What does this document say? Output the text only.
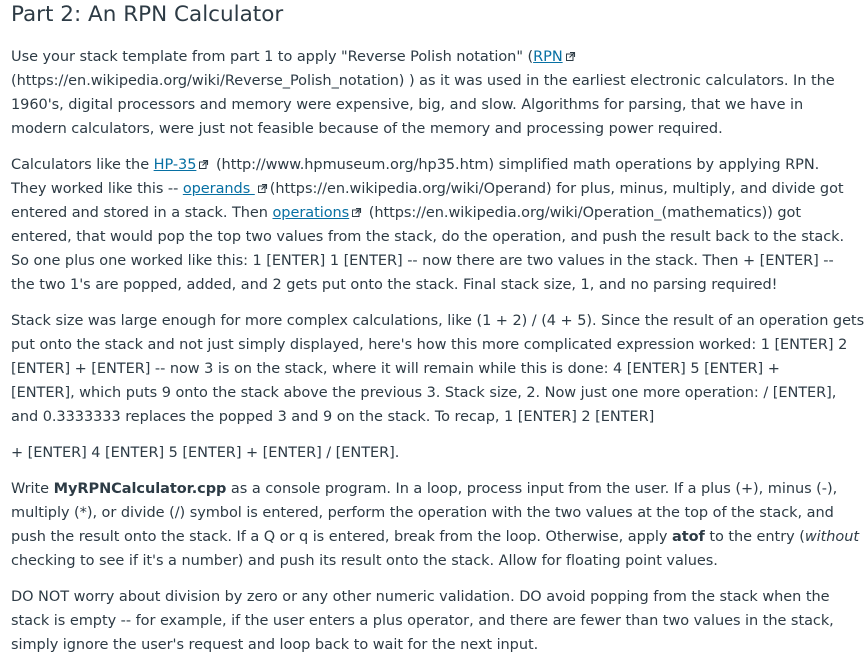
Part 2: An RPN Calculator

Use your stack template from part 1 to apply "Reverse Polish notation" (RPN
(https://en.wikipedia.org/wiki/Reverse_Polish_notation) ) as it was used in the earliest electronic calculators. In the
1960's, digital processors and memory were expensive, big, and slow. Algorithms for parsing, that we have in
modern calculators, were just not feasible because of the memory and processing power required.

Calculators like the HP-35
(http://www.hpmuseum.org/hp35.htm) simplified math operations by applying RPN.
They worked like this -- operands
(https://en.wikipedia.org/wiki/Operand) for plus, minus, multiply, and divide got
entered and stored in a stack. Then operations
(https://en.wikipedia.org/wiki/Operation_(mathematics)) got
entered, that would pop the top two values from the stack, do the operation, and push the result back to the stack.
So one plus one worked like this: 1 [ENTER] 1 [ENTER] -- now there are two values in the stack. Then + [ENTER] --
the two 1's are popped, added, and 2 gets put onto the stack. Final stack size, 1, and no parsing required!

Stack size was large enough for more complex calculations, like (1 + 2) / (4 + 5). Since the result of an operation gets
put onto the stack and not just simply displayed, here's how this more complicated expression worked: 1 [ENTER] 2
[ENTER] + [ENTER] -- now 3 is on the stack, where it will remain while this is done: 4 [ENTER] 5 [ENTER] +
[ENTER], which puts 9 onto the stack above the previous 3. Stack size, 2. Now just one more operation: / [ENTER],
and 0.3333333 replaces the popped 3 and 9 on the stack. To recap, 1 [ENTER] 2 [ENTER]

+ [ENTER] 4 [ENTER] 5 [ENTER] + [ENTER] / [ENTER].

Write MyRPNCalculator.cpp as a console program. In a loop, process input from the user. If a plus (+), minus (-),
multiply (*), or divide (/) symbol is entered, perform the operation with the two values at the top of the stack, and
push the result onto the stack. If a Q or q is entered, break from the loop. Otherwise, apply atof to the entry (without
checking to see if it's a number) and push its result onto the stack. Allow for floating point values.

DO NOT worry about division by zero or any other numeric validation. DO avoid popping from the stack when the
stack is empty -- for example, if the user enters a plus operator, and there are fewer than two values in the stack,
simply ignore the user's request and loop back to wait for the next input.
